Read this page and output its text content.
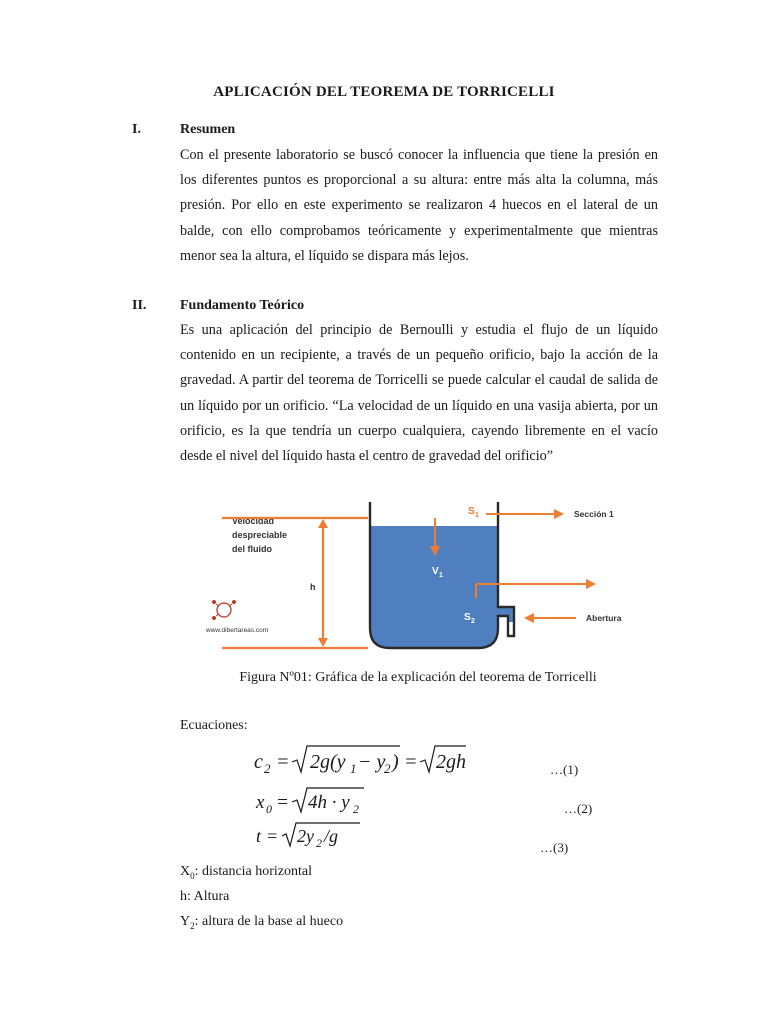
APLICACIÓN DEL TEOREMA DE TORRICELLI
I.	Resumen

Con el presente laboratorio se buscó conocer la influencia que tiene la presión en los diferentes puntos es proporcional a su altura: entre más alta la columna, más presión. Por ello en este experimento se realizaron 4 huecos en el lateral de un balde, con ello comprobamos teóricamente y experimentalmente que mientras menor sea la altura, el líquido se dispara más lejos.

II. Fundamento Teórico

Es una aplicación del principio de Bernoulli y estudia el flujo de un líquido contenido en un recipiente, a través de un pequeño orificio, bajo la acción de la gravedad. A partir del teorema de Torricelli se puede calcular el caudal de salida de un líquido por un orificio. “La velocidad de un líquido en una vasija abierta, por un orificio, es la que tendría un cuerpo cualquiera, cayendo libremente en el vacío desde el nivel del líquido hasta el centro de gravedad del orificio”

Velocidad
despreciable
del fluido
h
www.dibertareas.com
V 1
S 1	Sección 1
S 2	Abertura
Figura Nº01: Gráfica de la explicación del teorema de Torricelli
Ecuaciones:
c 2 = 2g(y 1 − y
2 ) = 2gh	…(1)
x 0 = 4h · y 2	…(2)
t = 2y 2 /g
…(3)
$X_0$: distancia horizontal
h: Altura
$Y_2$: altura de la base al hueco
